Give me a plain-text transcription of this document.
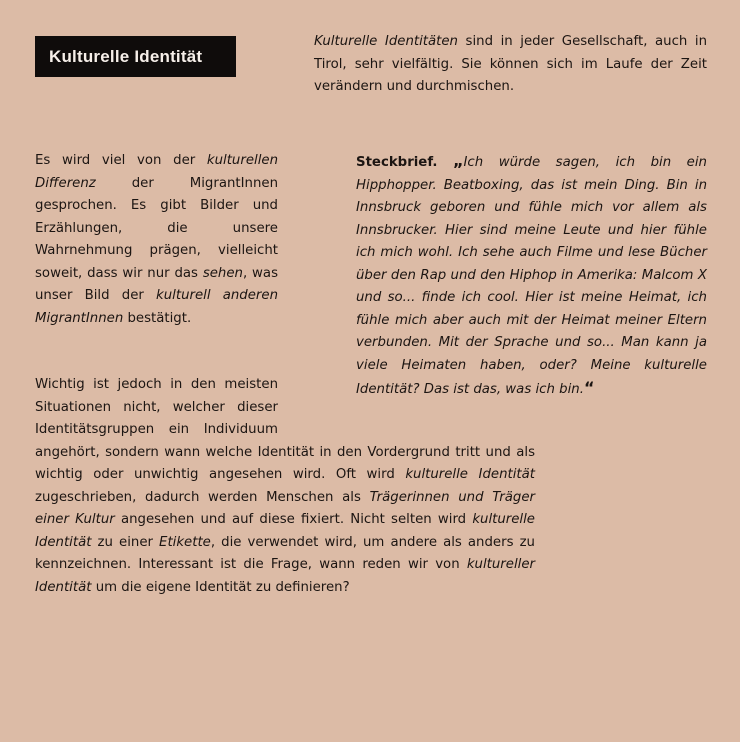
Kulturelle Identität

Kulturelle Identitäten sind in jeder Gesellschaft, auch in Tirol, sehr vielfältig. Sie können sich im Laufe der Zeit verändern und durchmischen.

Es wird viel von der kulturellen Differenz der MigrantInnen gesprochen. Es gibt Bilder und Erzählungen, die unsere Wahrnehmung prägen, vielleicht soweit, dass wir nur das sehen, was unser Bild der kulturell anderen MigrantInnen bestätigt.

Steckbrief. „Ich würde sagen, ich bin ein Hipphopper. Beatboxing, das ist mein Ding. Bin in Innsbruck geboren und fühle mich vor allem als Innsbrucker. Hier sind meine Leute und hier fühle ich mich wohl. Ich sehe auch Filme und lese Bücher über den Rap und den Hiphop in Amerika: Malcom X und so... finde ich cool. Hier ist meine Heimat, ich fühle mich aber auch mit der Heimat meiner Eltern verbunden. Mit der Sprache und so... Man kann ja viele Heimaten haben, oder? Meine kulturelle Identität? Das ist das, was ich bin.“

Wichtig ist jedoch in den meisten Situationen nicht, welcher dieser Identitätsgruppen ein Individuum angehört, sondern wann welche Identität in den Vordergrund tritt und als wichtig oder unwichtig angesehen wird. Oft wird kulturelle Identität zugeschrieben, dadurch werden Menschen als Trägerinnen und Träger einer Kultur angesehen und auf diese fixiert. Nicht selten wird kulturelle Identität zu einer Etikette, die verwendet wird, um andere als anders zu kennzeichnen. Interessant ist die Frage, wann reden wir von kultureller Identität um die eigene Identität zu definieren?
